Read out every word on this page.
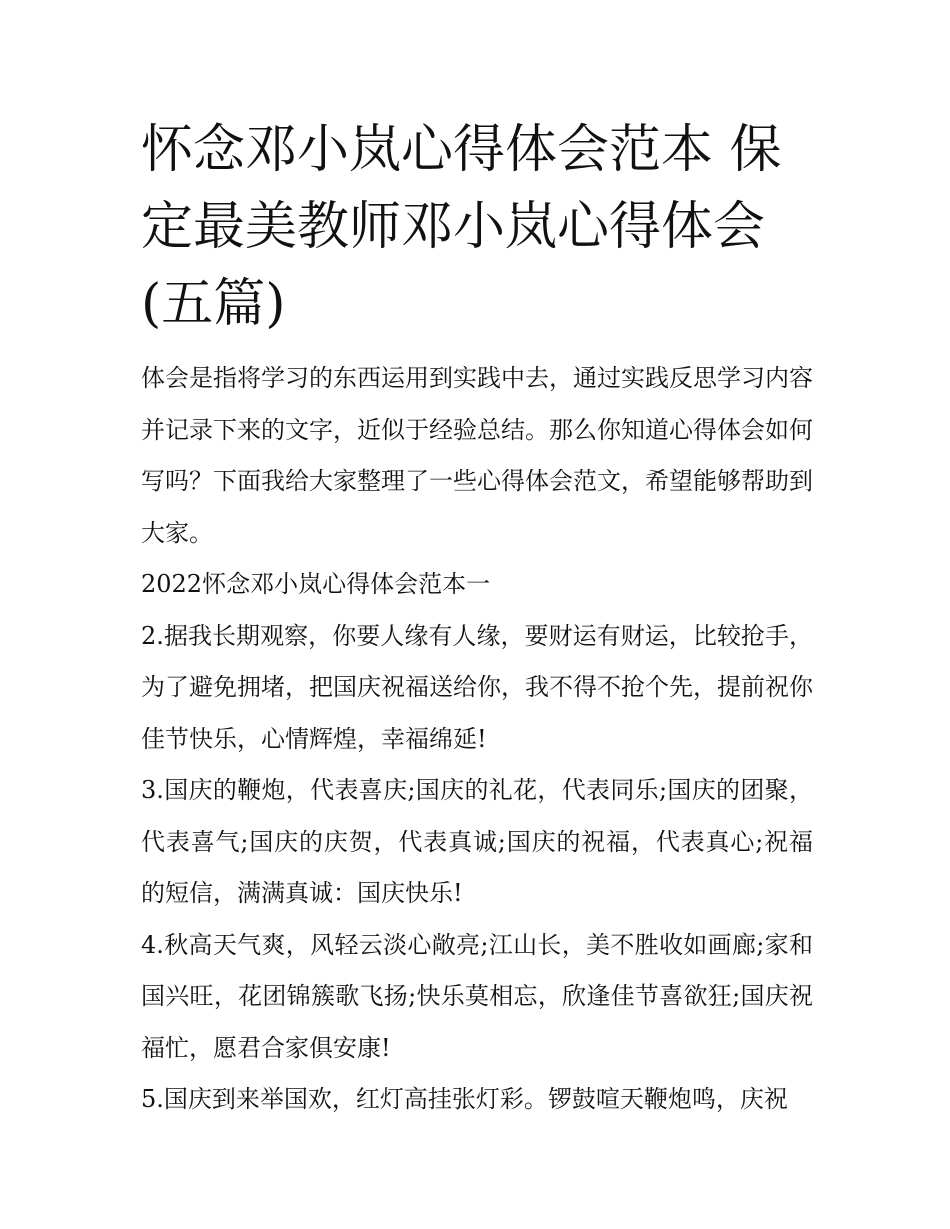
怀念邓小岚心得体会范本 保定最美教师邓小岚心得体会(五篇)

体会是指将学习的东西运用到实践中去，通过实践反思学习内容并记录下来的文字，近似于经验总结。那么你知道心得体会如何写吗？下面我给大家整理了一些心得体会范文，希望能够帮助到大家。

2022怀念邓小岚心得体会范本一

2.据我长期观察，你要人缘有人缘，要财运有财运，比较抢手，为了避免拥堵，把国庆祝福送给你，我不得不抢个先，提前祝你佳节快乐，心情辉煌，幸福绵延!

3.国庆的鞭炮，代表喜庆;国庆的礼花，代表同乐;国庆的团聚，代表喜气;国庆的庆贺，代表真诚;国庆的祝福，代表真心;祝福的短信，满满真诚：国庆快乐!

4.秋高天气爽，风轻云淡心敞亮;江山长，美不胜收如画廊;家和国兴旺，花团锦簇歌飞扬;快乐莫相忘，欣逢佳节喜欲狂;国庆祝福忙，愿君合家俱安康!

5.国庆到来举国欢，红灯高挂张灯彩。锣鼓喧天鞭炮鸣，庆祝
